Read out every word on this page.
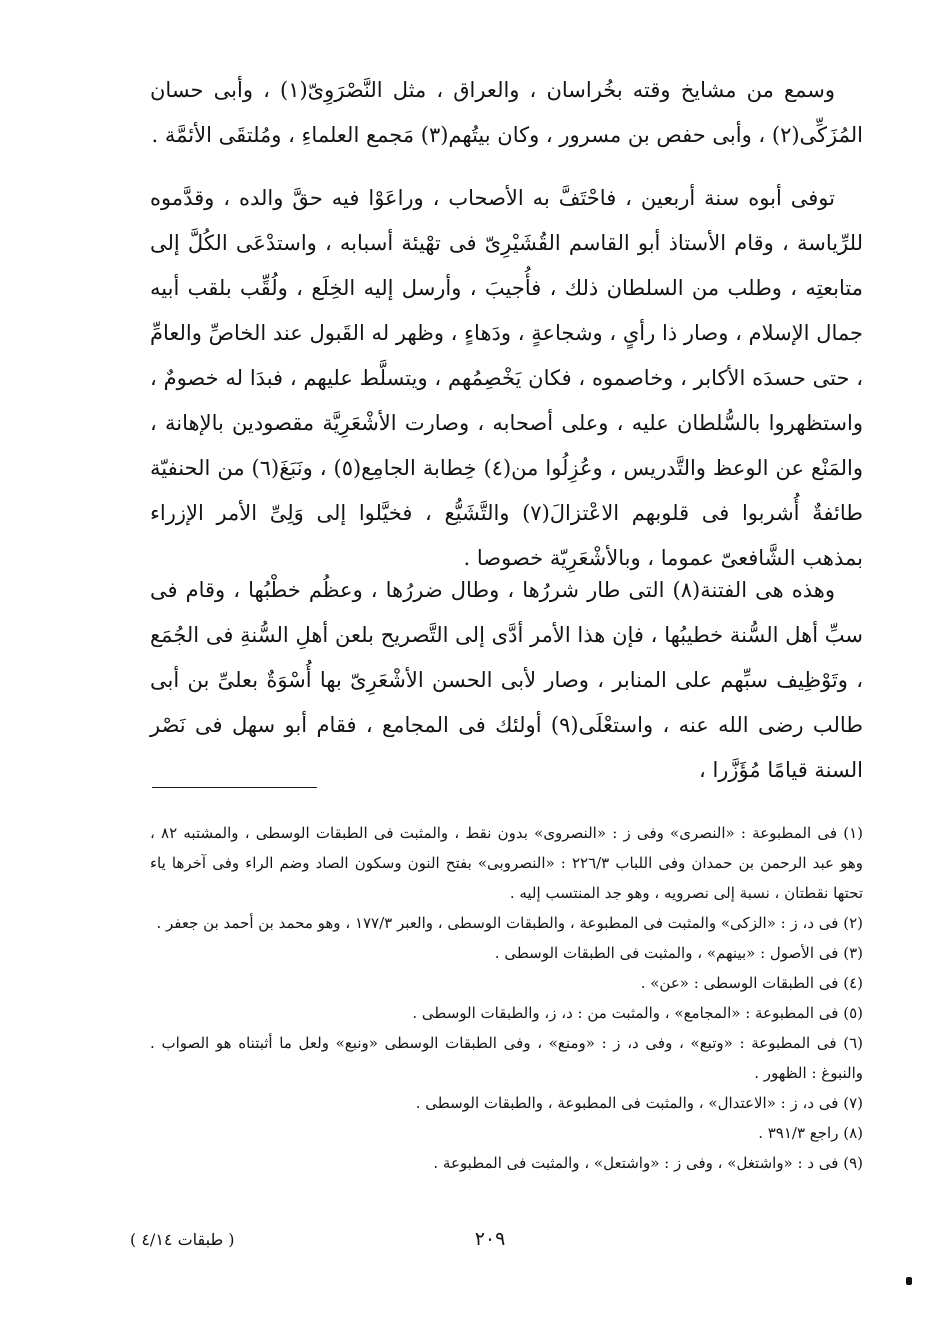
وسمع من مشايخ وقته بخُراسان ، والعراق ، مثل النَّصْرَوِىّ(١) ، وأبى حسان المُزَكِّى(٢) ، وأبى حفص بن مسرور ، وكان بيتُهم(٣) مَجمع العلماءِ ، ومُلتقَى الأئمَّة .

توفى أبوه سنة أربعين ، فاحْتَفَّ به الأصحاب ، وراعَوْا فيه حقَّ والده ، وقدَّموه للرِّياسة ، وقام الأستاذ أبو القاسم القُشَيْرِىّ فى تهْيئة أسبابه ، واستدْعَى الكُلَّ إلى متابعتِه ، وطلب من السلطان ذلك ، فأُجيبَ ، وأرسل إليه الخِلَع ، ولُقِّب بلقب أبيه جمال الإسلام ، وصار ذا رأىٍ ، وشجاعةٍ ، ودَهاءٍ ، وظهر له القَبول عند الخاصِّ والعامِّ ، حتى حسدَه الأكابر ، وخاصموه ، فكان يَخْصِمُهم ، ويتسلَّط عليهم ، فبدَا له خصومٌ ، واستظهروا بالسُّلطان عليه ، وعلى أصحابه ، وصارت الأشْعَرِيَّة مقصودين بالإهانة ، والمَنْع عن الوعظ والتَّدريس ، وعُزِلُوا من(٤) خِطابة الجامِع(٥) ، ونَبَغَ(٦) من الحنفيّة طائفةٌ أُشربوا فى قلوبهم الاعْتزالَ(٧) والتَّشَيُّع ، فخيَّلوا إلى وَلِىِّ الأمر الإزراء بمذهب الشَّافعىّ عموما ، وبالأشْعَرِيّة خصوصا .

وهذه هى الفتنة(٨) التى طار شررُها ، وطال ضررُها ، وعظُم خطْبُها ، وقام فى سبِّ أهل السُّنة خطيبُها ، فإن هذا الأمر أدَّى إلى التَّصريح بلعن أهلِ السُّنةِ فى الجُمَع ، وتَوْظِيف سبِّهم على المنابر ، وصار لأبى الحسن الأشْعَرِىّ بها أُسْوَةٌ بعلىِّ بن أبى طالب رضى الله عنه ، واستعْلَى(٩) أولئك فى المجامع ، فقام أبو سهل فى نَصْر السنة قيامًا مُؤَزَّرا ،

(١) فى المطبوعة : «النصرى» وفى ز : «النصروى» بدون نقط ، والمثبت فى الطبقات الوسطى ، والمشتبه ٨٢ ، وهو عبد الرحمن بن حمدان وفى اللباب ٢٢٦/٣ : «النصروبى» بفتح النون وسكون الصاد وضم الراء وفى آخرها ياء تحتها نقطتان ، نسبة إلى نصرويه ، وهو جد المنتسب إليه .

(٢) فى د، ز : «الزكى» والمثبت فى المطبوعة ، والطبقات الوسطى ، والعبر ١٧٧/٣ ، وهو محمد بن أحمد بن جعفر .

(٣) فى الأصول : «بينهم» ، والمثبت فى الطبقات الوسطى .

(٤) فى الطبقات الوسطى : «عن» .

(٥) فى المطبوعة : «المجامع» ، والمثبت من : د، ز، والطبقات الوسطى .

(٦) فى المطبوعة : «وتبع» ، وفى د، ز : «ومنع» ، وفى الطبقات الوسطى «ونبع» ولعل ما أثبتناه هو الصواب . والنبوغ : الظهور .

(٧) فى د، ز : «الاعتدال» ، والمثبت فى المطبوعة ، والطبقات الوسطى .

(٨) راجع ٣٩١/٣ .

(٩) فى د : «واشتغل» ، وفى ز : «واشتعل» ، والمثبت فى المطبوعة .

٢٠٩
( طبقات ٤/١٤ )
